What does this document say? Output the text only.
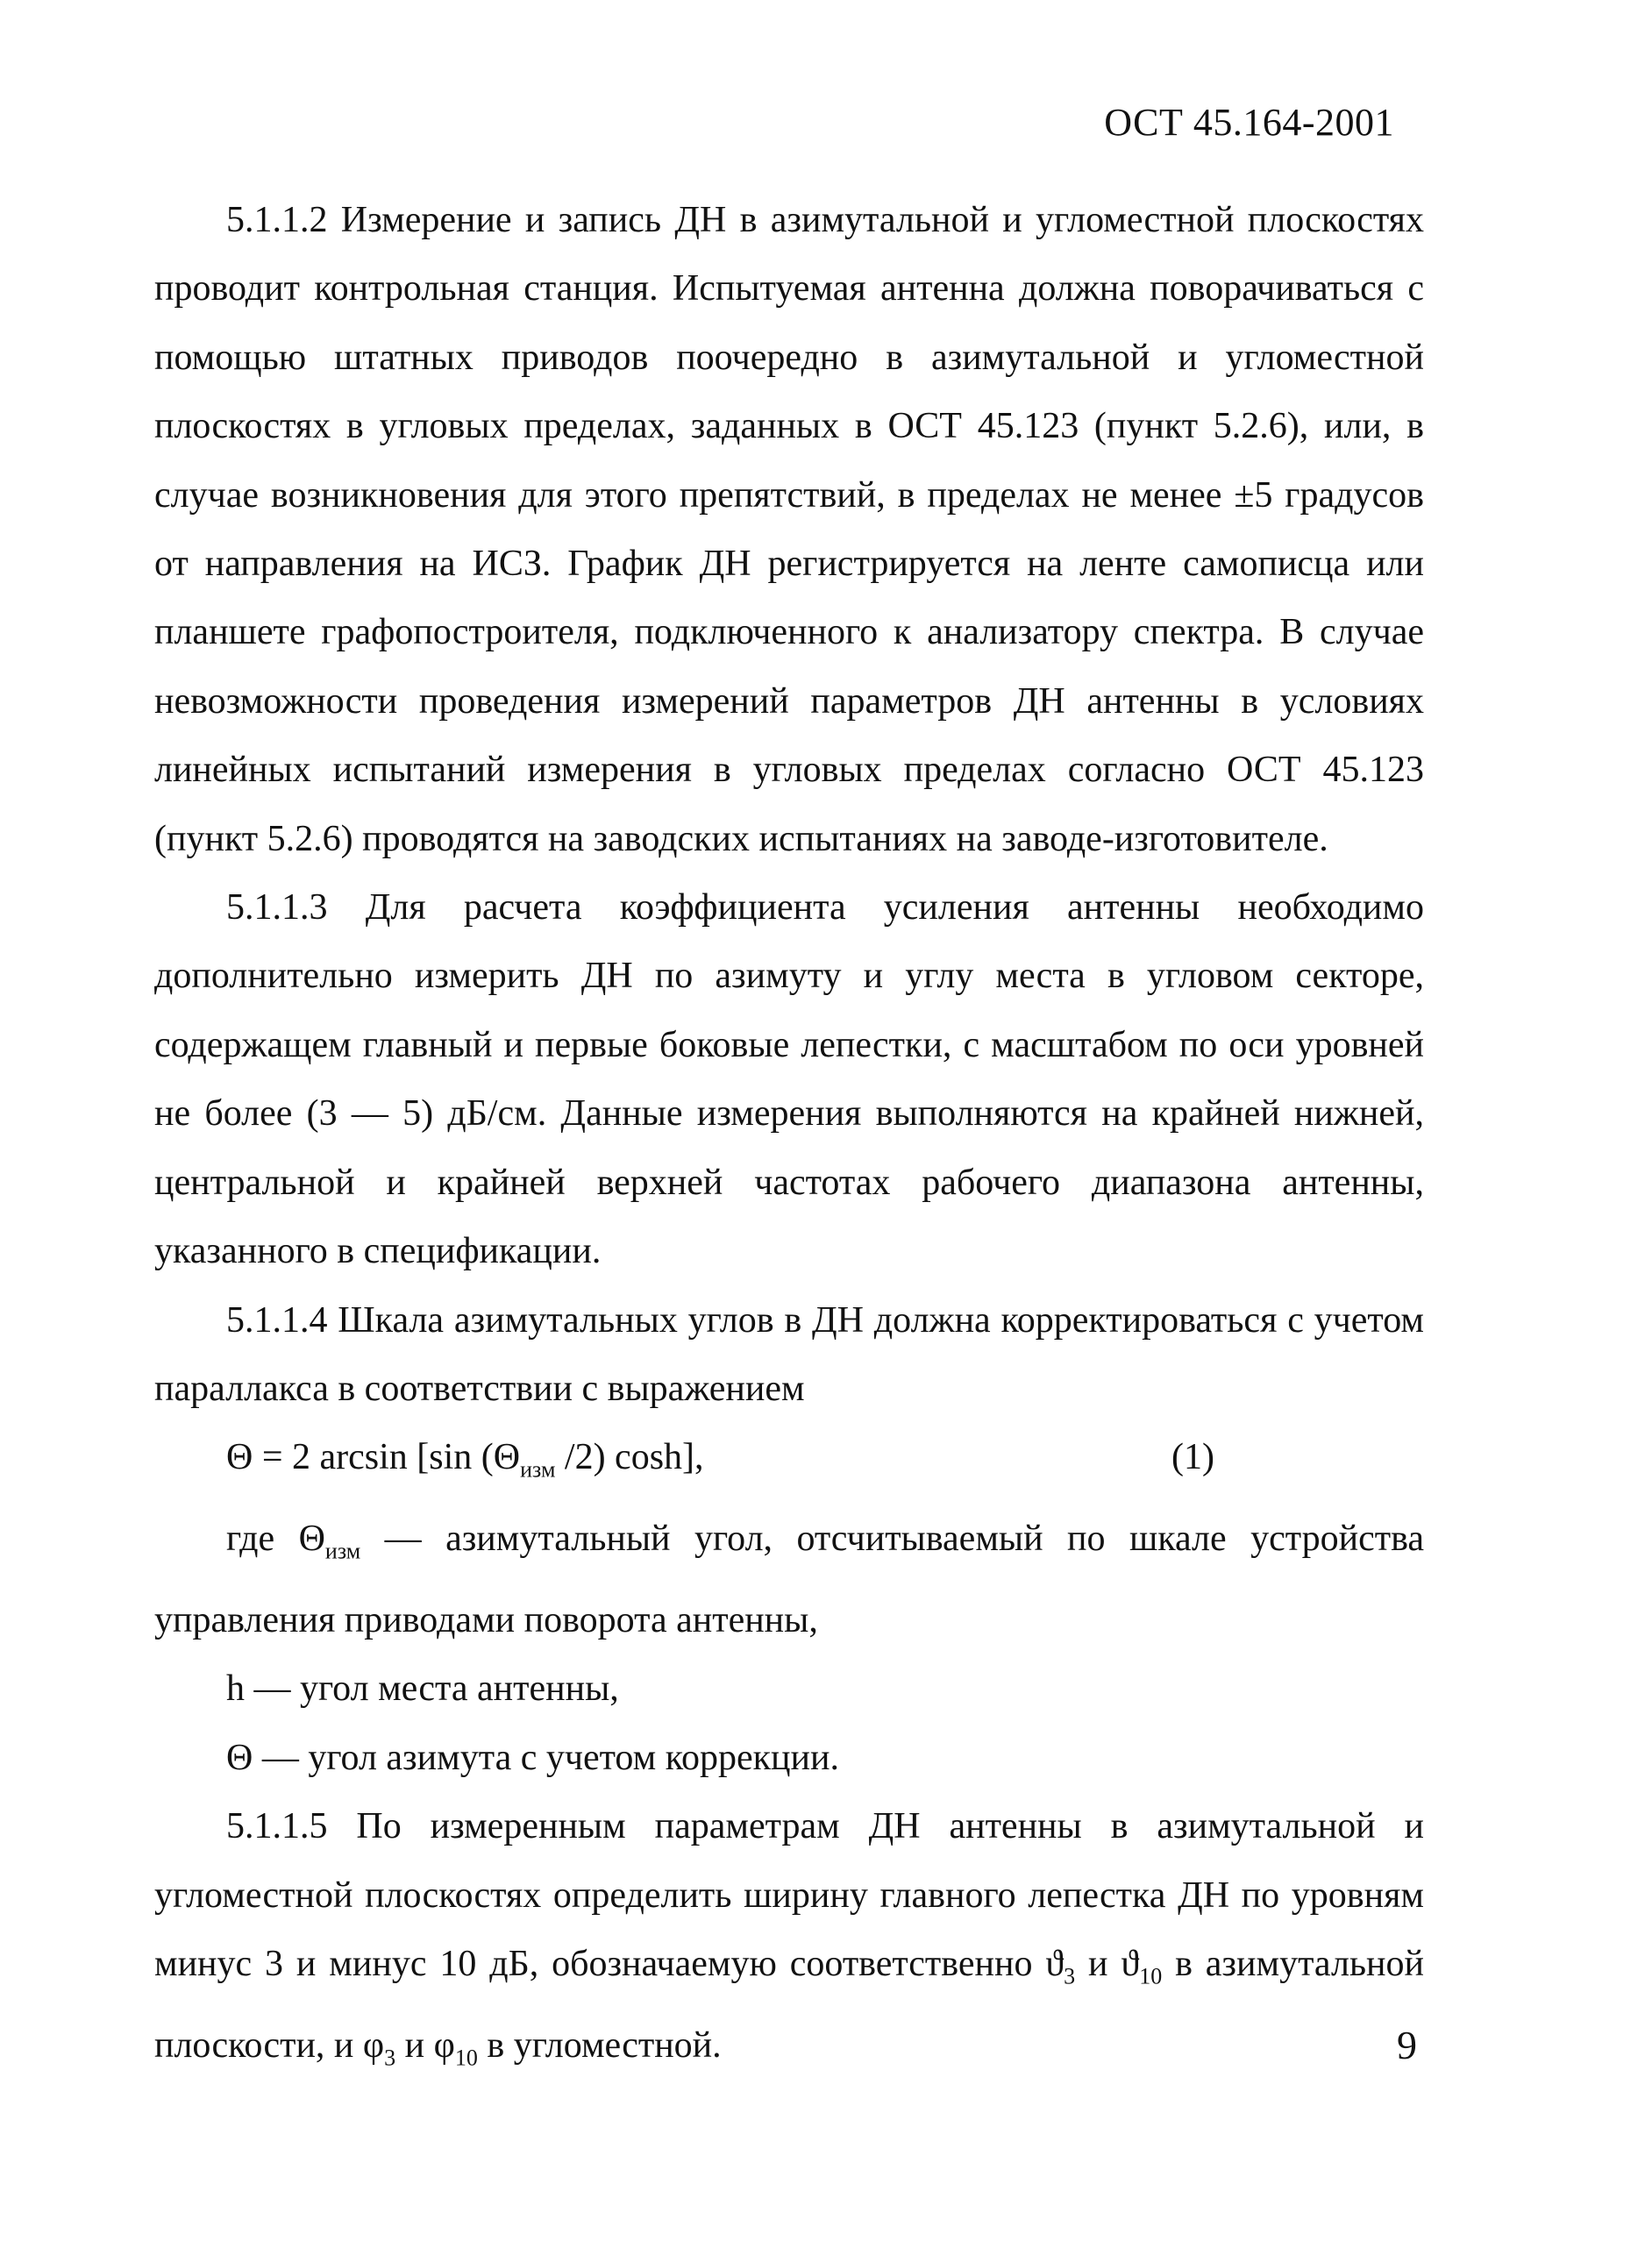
ОСТ 45.164-2001

5.1.1.2 Измерение и запись ДН в азимутальной и угломестной плоскостях проводит контрольная станция. Испытуемая антенна должна поворачиваться с помощью штатных приводов поочередно в азимутальной и угломестной плоскостях в угловых пределах, заданных в ОСТ 45.123 (пункт 5.2.6), или, в случае возникновения для этого препятствий, в пределах не менее ±5 градусов от направления на ИСЗ. График ДН регистрируется на ленте самописца или планшете графопостроителя, подключенного к анализатору спектра. В случае невозможности проведения измерений параметров ДН антенны в условиях линейных испытаний измерения в угловых пределах согласно ОСТ 45.123 (пункт 5.2.6) проводятся на заводских испытаниях на заводе-изготовителе.

5.1.1.3 Для расчета коэффициента усиления антенны необходимо дополнительно измерить ДН по азимуту и углу места в угловом секторе, содержащем главный и первые боковые лепестки, с масштабом по оси уровней не более (3 — 5) дБ/см. Данные измерения выполняются на крайней нижней, центральной и крайней верхней частотах рабочего диапазона антенны, указанного в спецификации.

5.1.1.4 Шкала азимутальных углов в ДН должна корректироваться с учетом параллакса в соответствии с выражением

Θ = 2 arcsin [sin ($\Theta_{изм}$ /2) cosh],	(1)

где $\Theta_{изм}$ — азимутальный угол, отсчитываемый по шкале устройства управления приводами поворота антенны,

h — угол места антенны,

Θ — угол азимута с учетом коррекции.

5.1.1.5 По измеренным параметрам ДН антенны в азимутальной и угломестной плоскостях определить ширину главного лепестка ДН по уровням минус 3 и минус 10 дБ, обозначаемую соответственно $ϑ_3$ и $ϑ_{10}$ в азимутальной плоскости, и $\varphi_3$ и $\varphi_{10}$ в угломестной.	9
